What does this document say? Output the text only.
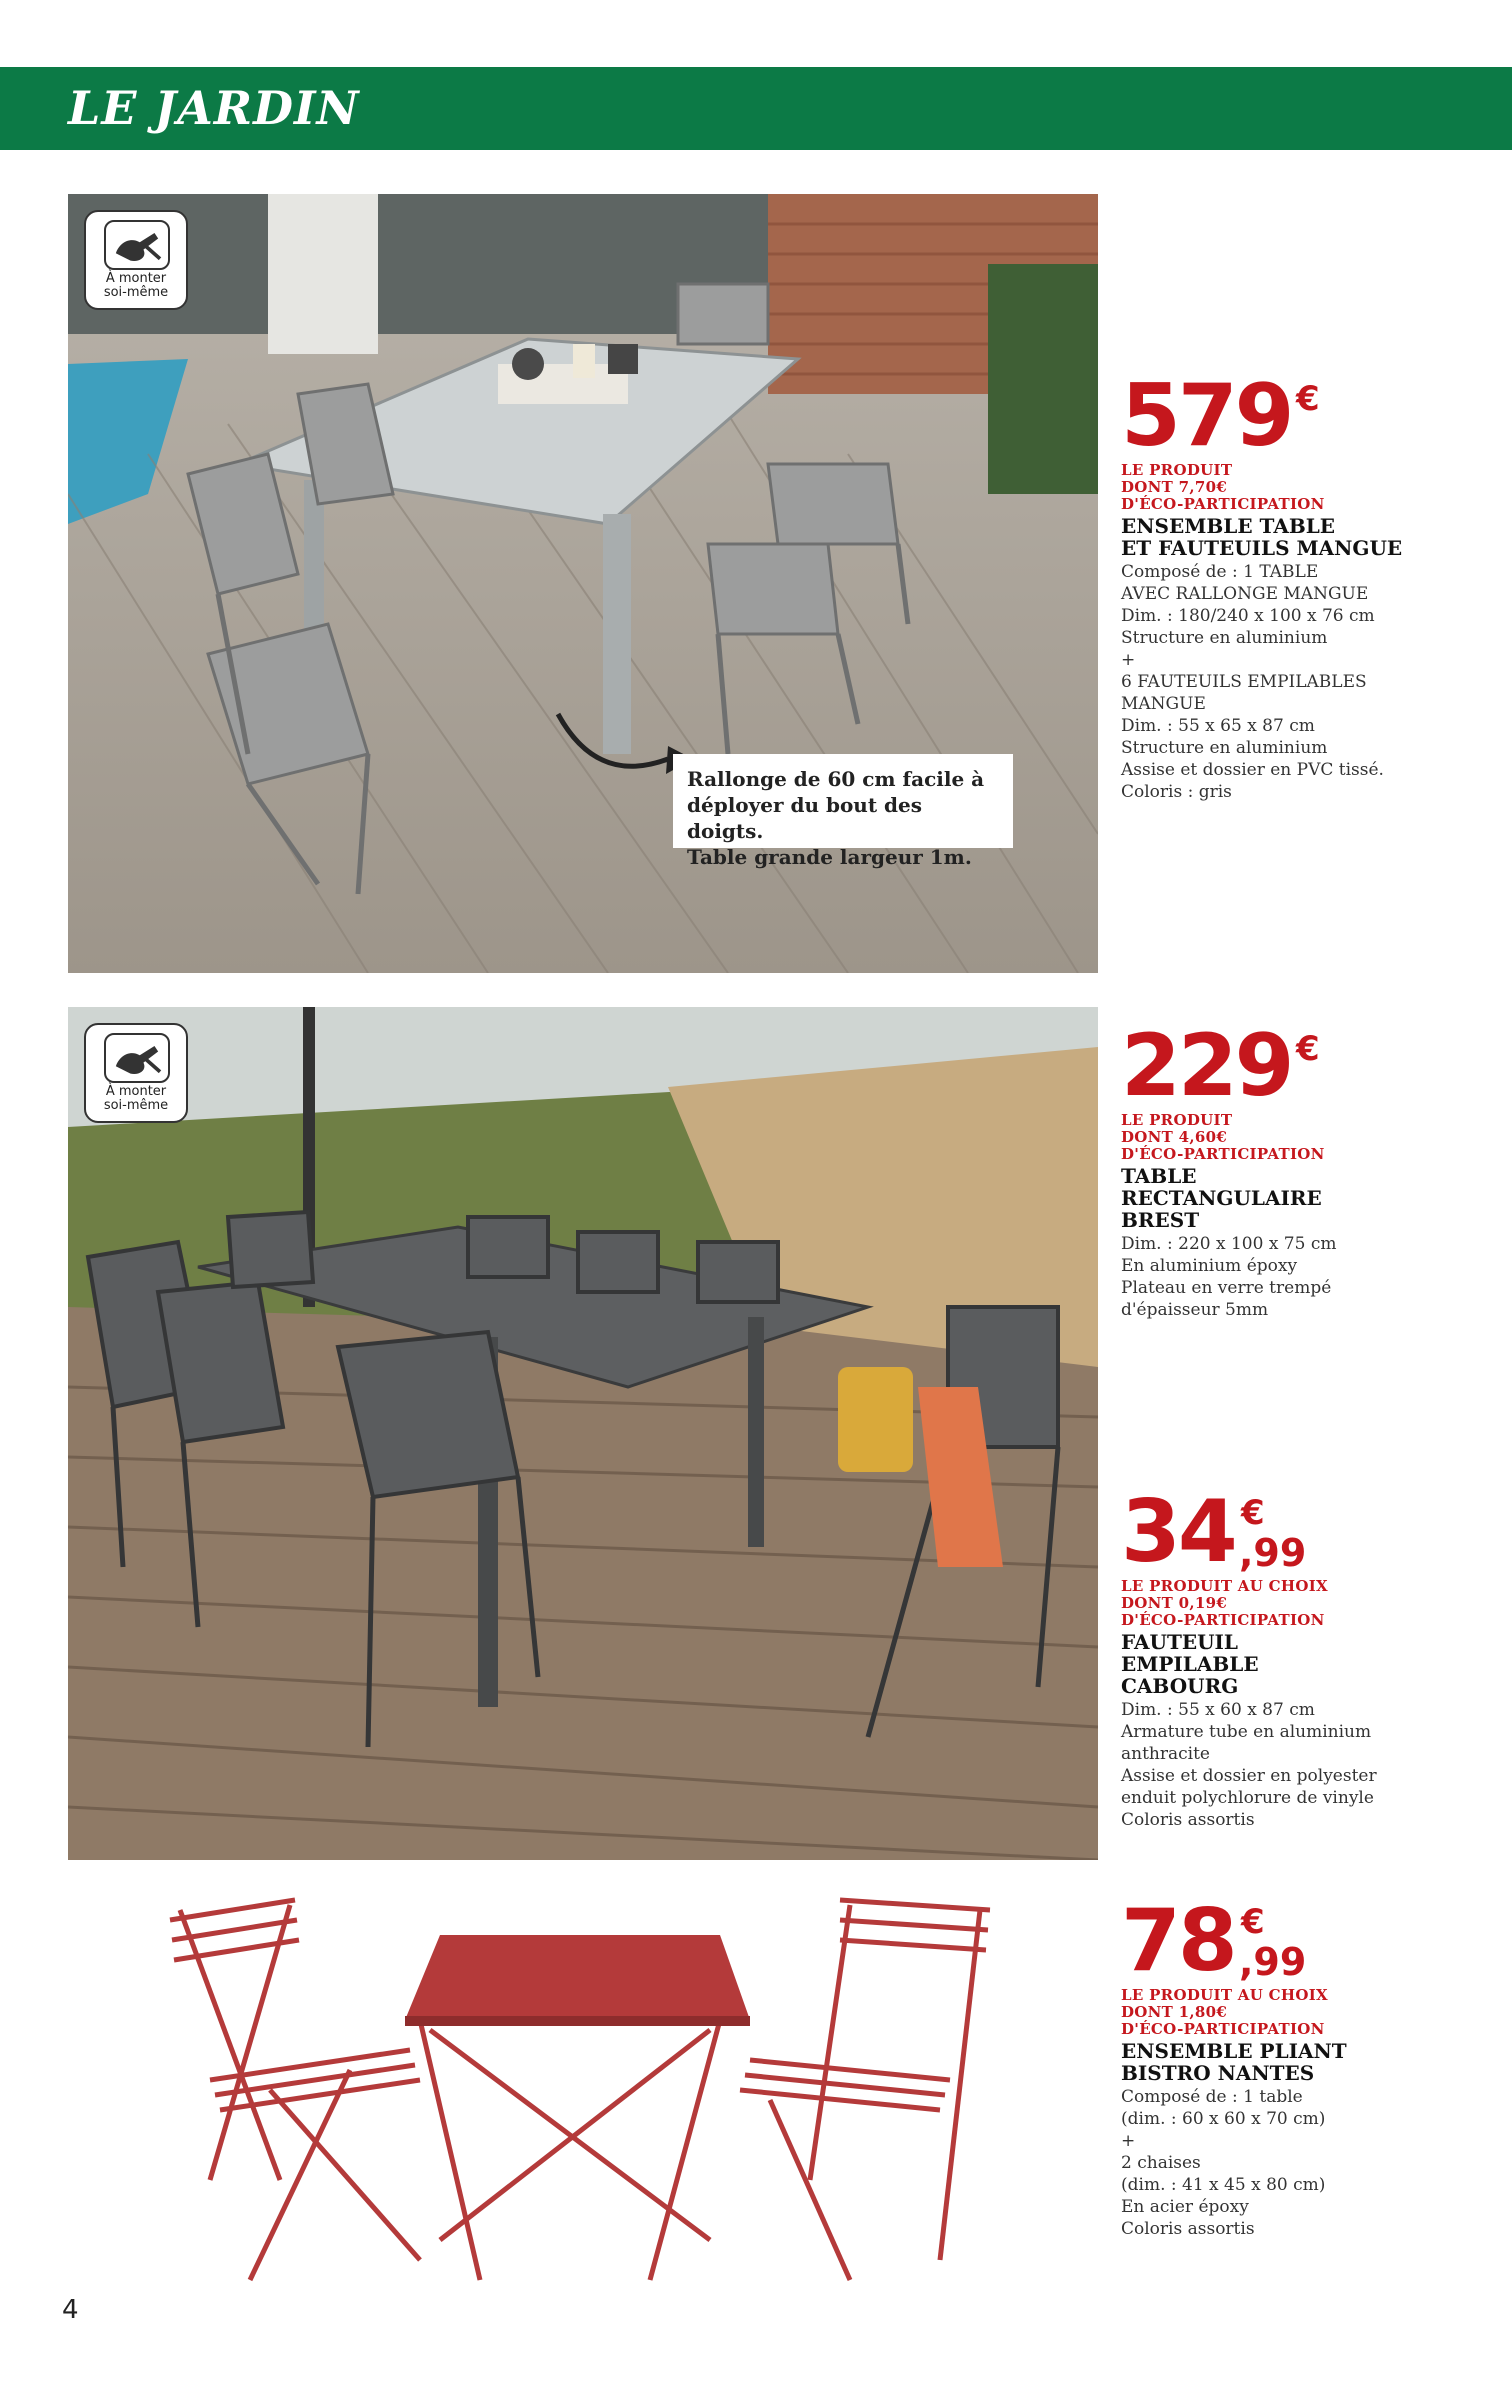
LE JARDIN
À monter
soi-même
Rallonge de 60 cm facile à
déployer du bout des doigts.
Table grande largeur 1m.
À monter
soi-même
579 €
LE PRODUIT
DONT 7,70€
D'ÉCO-PARTICIPATION
ENSEMBLE TABLE
ET FAUTEUILS MANGUE
Composé de : 1 TABLE
AVEC RALLONGE MANGUE
Dim. : 180/240 x 100 x 76 cm
Structure en aluminium
+
6 FAUTEUILS EMPILABLES
MANGUE
Dim. : 55 x 65 x 87 cm
Structure en aluminium
Assise et dossier en PVC tissé.
Coloris : gris
229 €
LE PRODUIT
DONT 4,60€
D'ÉCO-PARTICIPATION
TABLE
RECTANGULAIRE
BREST
Dim. : 220 x 100 x 75 cm
En aluminium époxy
Plateau en verre trempé
d'épaisseur 5mm
34 €
,99
LE PRODUIT AU CHOIX
DONT 0,19€
D'ÉCO-PARTICIPATION
FAUTEUIL
EMPILABLE
CABOURG
Dim. : 55 x 60 x 87 cm
Armature tube en aluminium
anthracite
Assise et dossier en polyester
enduit polychlorure de vinyle
Coloris assortis
78 €
,99
LE PRODUIT AU CHOIX
DONT 1,80€
D'ÉCO-PARTICIPATION
ENSEMBLE PLIANT
BISTRO NANTES
Composé de : 1 table
(dim. : 60 x 60 x 70 cm)
+
2 chaises
(dim. : 41 x 45 x 80 cm)
En acier époxy
Coloris assortis
4
